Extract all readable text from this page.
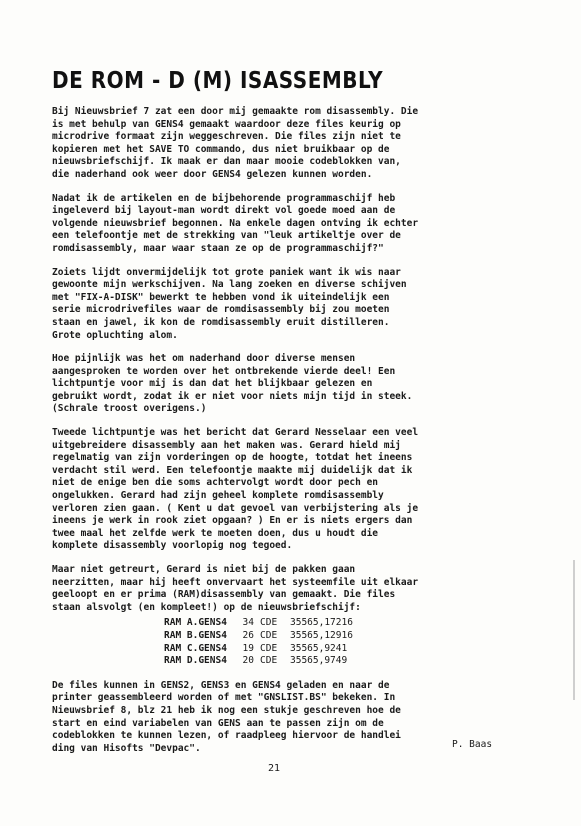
DE ROM - D (M) ISASSEMBLY
Bij Nieuwsbrief 7 zat een door mij gemaakte rom disassembly. Die
is met behulp van GENS4 gemaakt waardoor deze files keurig op
microdrive formaat zijn weggeschreven. Die files zijn niet te
kopieren met het SAVE TO commando, dus niet bruikbaar op de
nieuwsbriefschijf. Ik maak er dan maar mooie codeblokken van,
die naderhand ook weer door GENS4 gelezen kunnen worden.
Nadat ik de artikelen en de bijbehorende programmaschijf heb
ingeleverd bij layout-man wordt direkt vol goede moed aan de
volgende nieuwsbrief begonnen. Na enkele dagen ontving ik echter
een telefoontje met de strekking van "leuk artikeltje over de
romdisassembly, maar waar staan ze op de programmaschijf?"
Zoiets lijdt onvermijdelijk tot grote paniek want ik wis naar
gewoonte mijn werkschijven. Na lang zoeken en diverse schijven
met "FIX-A-DISK" bewerkt te hebben vond ik uiteindelijk een
serie microdrivefiles waar de romdisassembly bij zou moeten
staan en jawel, ik kon de romdisassembly eruit distilleren.
Grote opluchting alom.
Hoe pijnlijk was het om naderhand door diverse mensen
aangesproken te worden over het ontbrekende vierde deel! Een
lichtpuntje voor mij is dan dat het blijkbaar gelezen en
gebruikt wordt, zodat ik er niet voor niets mijn tijd in steek.
(Schrale troost overigens.)
Tweede lichtpuntje was het bericht dat Gerard Nesselaar een veel
uitgebreidere disassembly aan het maken was. Gerard hield mij
regelmatig van zijn vorderingen op de hoogte, totdat het ineens
verdacht stil werd. Een telefoontje maakte mij duidelijk dat ik
niet de enige ben die soms achtervolgt wordt door pech en
ongelukken. Gerard had zijn geheel komplete romdisassembly
verloren zien gaan. ( Kent u dat gevoel van verbijstering als je
ineens je werk in rook ziet opgaan? ) En er is niets ergers dan
twee maal het zelfde werk te moeten doen, dus u houdt die
komplete disassembly voorlopig nog tegoed.
Maar niet getreurt, Gerard is niet bij de pakken gaan
neerzitten, maar hij heeft onvervaart het systeemfile uit elkaar
geeloopt en er prima (RAM)disassembly van gemaakt. Die files
staan alsvolgt (en kompleet!) op de nieuwsbriefschijf:
RAM A.GENS4	34	CDE	35565,17216
RAM B.GENS4	26	CDE	35565,12916
RAM C.GENS4	19	CDE	35565,9241
RAM D.GENS4	20	CDE	35565,9749
De files kunnen in GENS2, GENS3 en GENS4 geladen en naar de
printer geassembleerd worden of met "GNSLIST.BS" bekeken. In
Nieuwsbrief 8, blz 21 heb ik nog een stukje geschreven hoe de
start en eind variabelen van GENS aan te passen zijn om de
codeblokken te kunnen lezen, of raadpleeg hiervoor de handlei
ding van Hisofts "Devpac".	P. Baas
21
